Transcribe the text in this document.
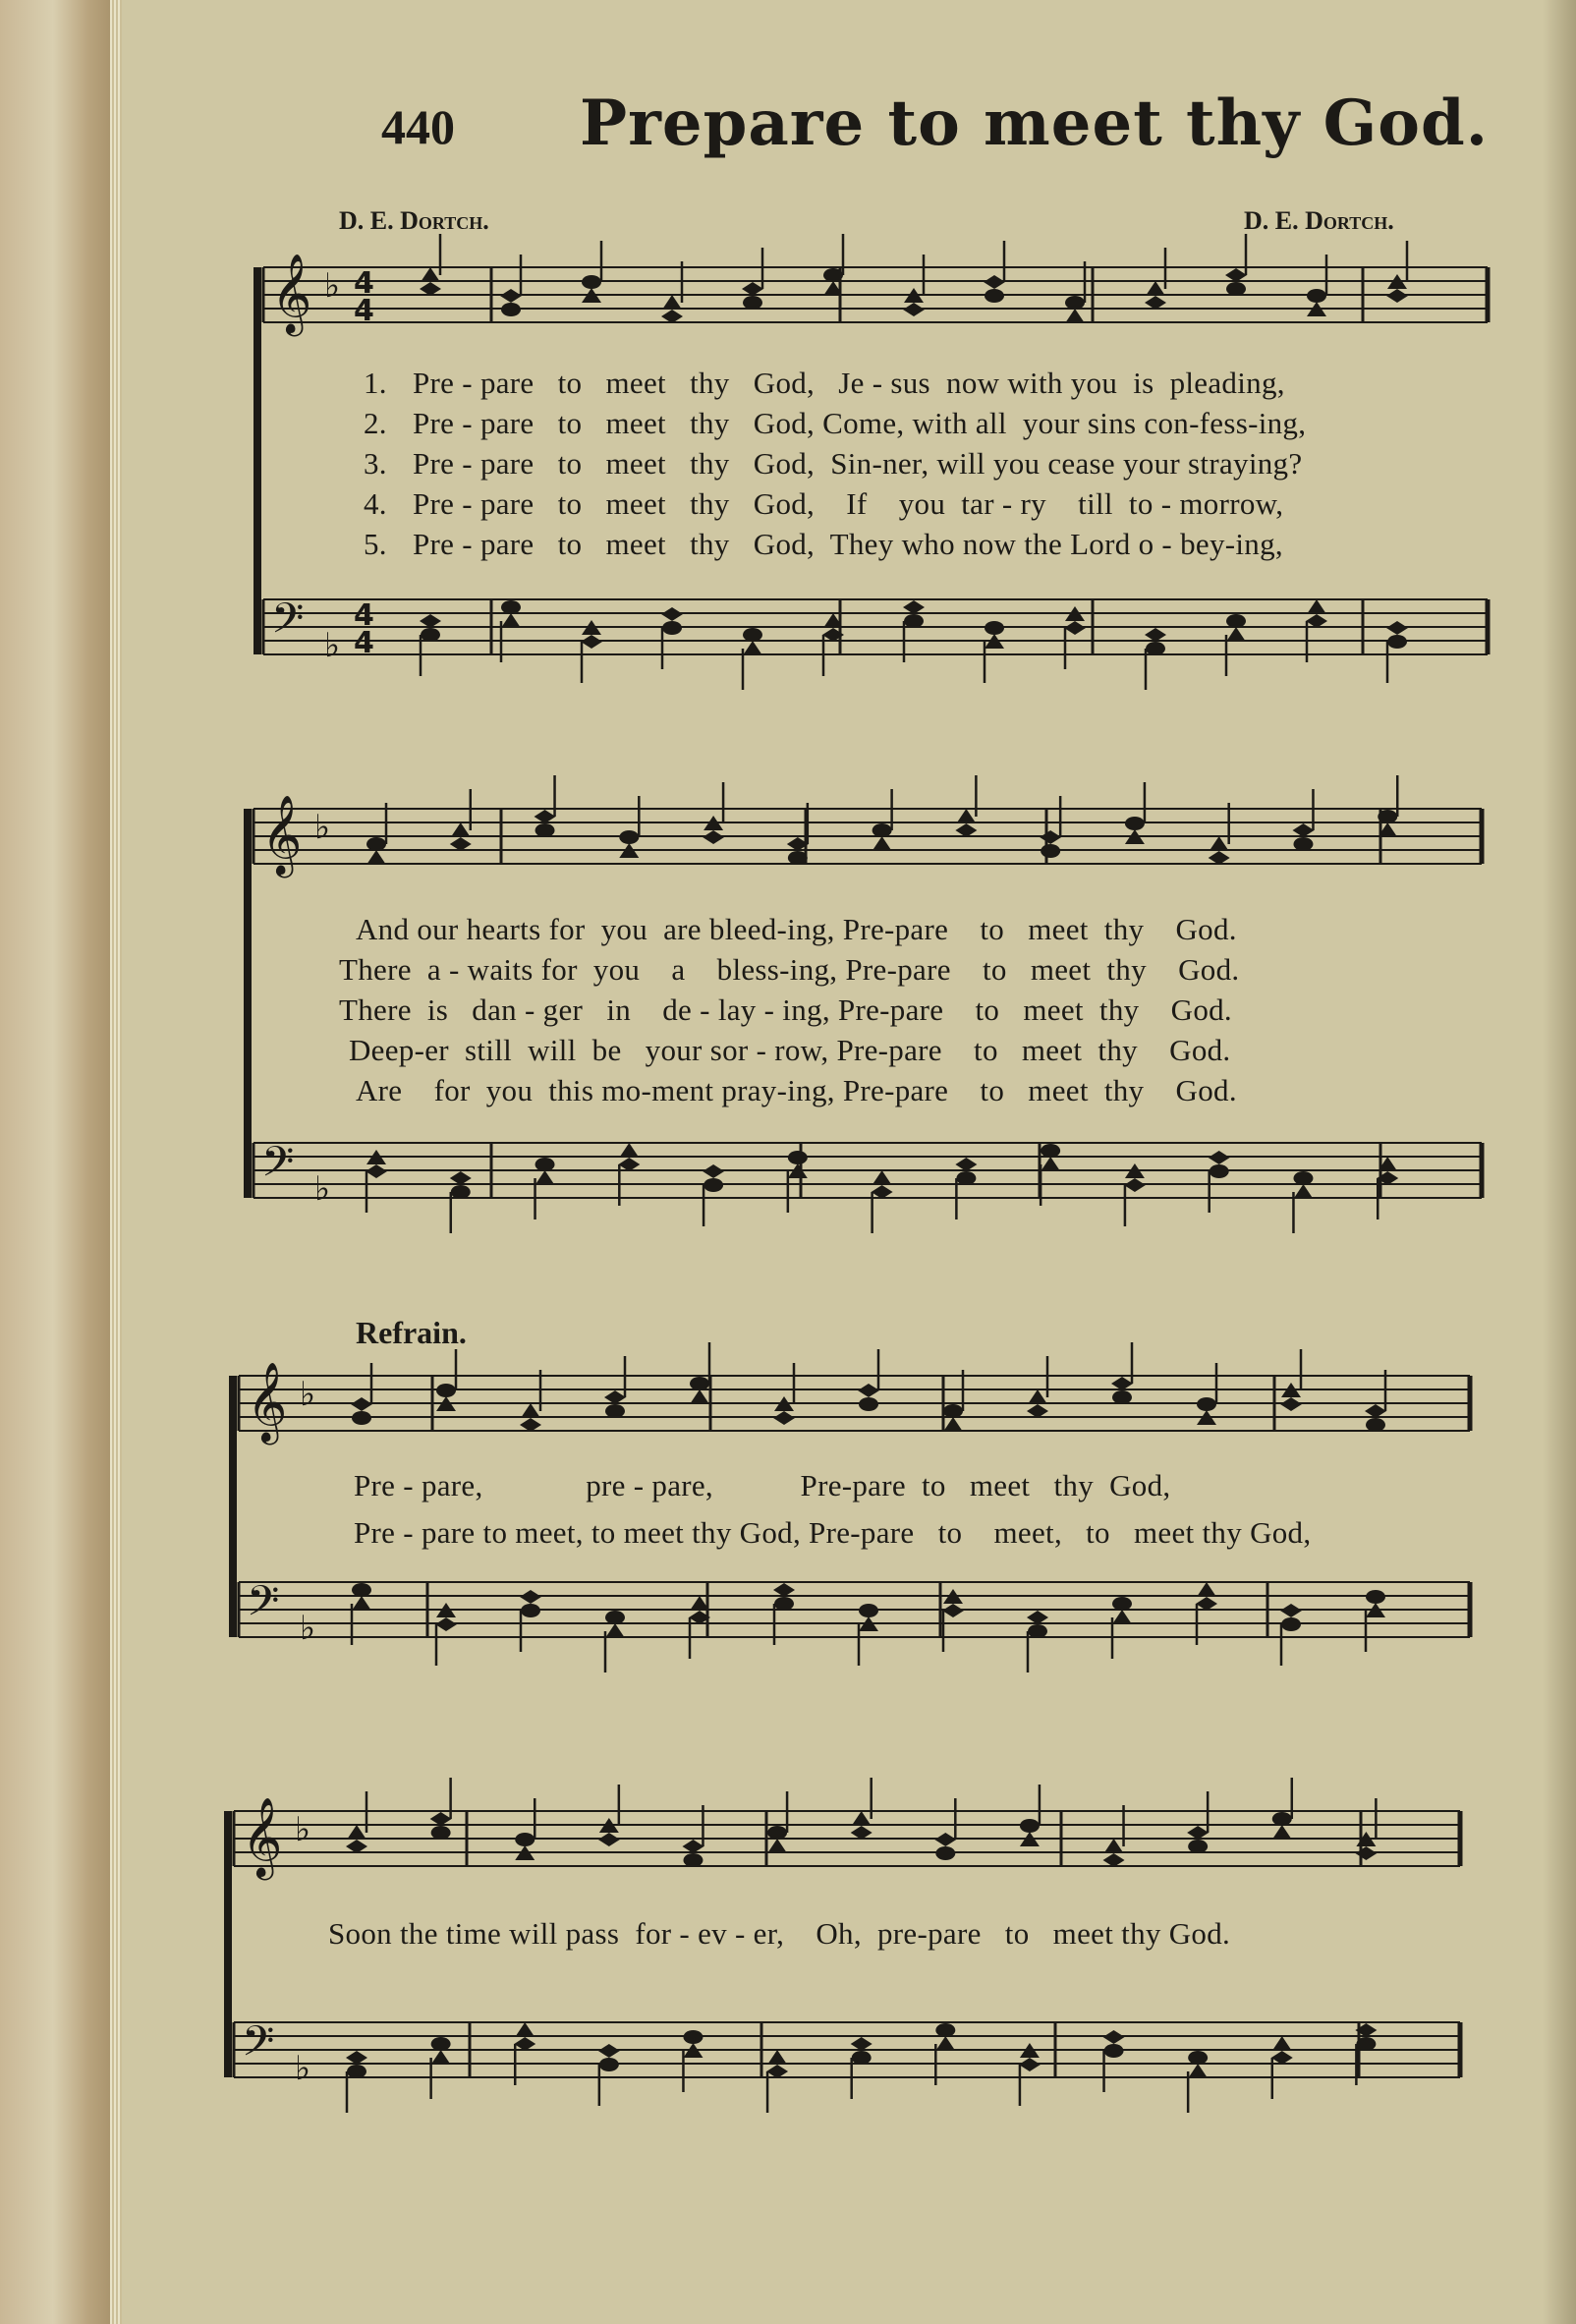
440 Prepare to meet thy God.
D. E. Dortch.	D. E. Dortch.
𝄞 ♭ 4
4
𝄢 ♭
4
4
𝄞 ♭
𝄢 ♭
𝄞 ♭
𝄢 ♭
𝄞 ♭
𝄢 ♭
1. Pre - pare   to   meet   thy   God,   Je - sus  now with you  is  pleading,
2. Pre - pare   to   meet   thy   God, Come, with all  your sins con-fess-ing,
3. Pre - pare   to   meet   thy   God,  Sin-ner, will you cease your straying?
4. Pre - pare   to   meet   thy   God,    If    you  tar - ry    till  to - morrow,
5. Pre - pare   to   meet   thy   God,  They who now the Lord o - bey-ing,
And our hearts for  you  are bleed-ing, Pre-pare    to   meet  thy    God.
There  a - waits for  you    a    bless-ing, Pre-pare    to   meet  thy    God.
There  is   dan - ger   in    de - lay - ing, Pre-pare    to   meet  thy    God.
Deep-er  still  will  be   your sor - row, Pre-pare    to   meet  thy    God.
Are    for  you  this mo-ment pray-ing, Pre-pare    to   meet  thy    God.
Refrain.
Pre - pare,             pre - pare,           Pre-pare  to   meet   thy  God,
Pre - pare to meet, to meet thy God, Pre-pare   to    meet,   to   meet thy God,
Soon the time will pass  for - ev - er,    Oh,  pre-pare   to   meet thy God.
